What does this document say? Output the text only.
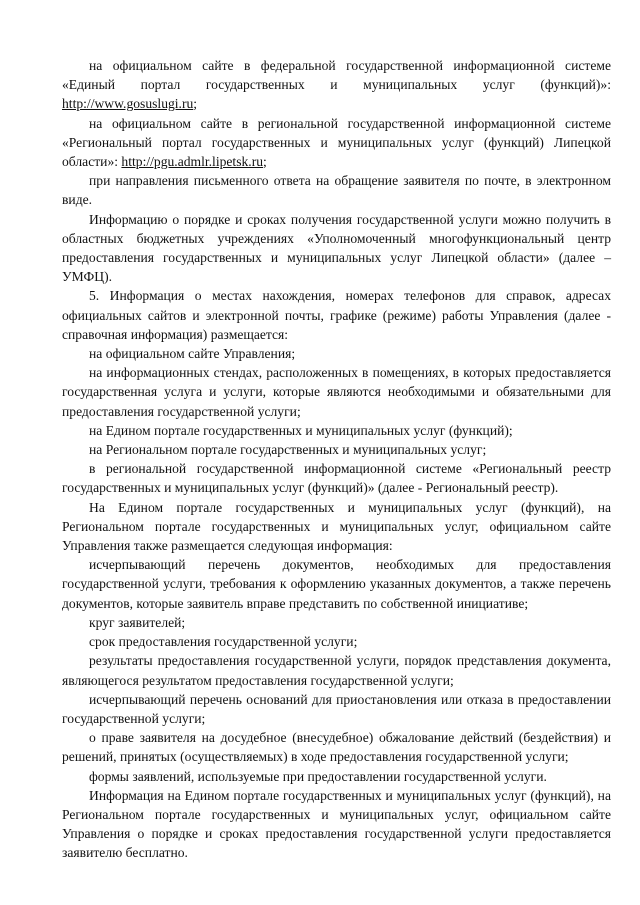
на официальном сайте в федеральной государственной информационной системе «Единый портал государственных и муниципальных услуг (функций)»: http://www.gosuslugi.ru;

на официальном сайте в региональной государственной информационной системе «Региональный портал государственных и муниципальных услуг (функций) Липецкой области»: http://pgu.admlr.lipetsk.ru;

при направления письменного ответа на обращение заявителя по почте, в электронном виде.

Информацию о порядке и сроках получения государственной услуги можно получить в областных бюджетных учреждениях «Уполномоченный многофункциональный центр предоставления государственных и муниципальных услуг Липецкой области» (далее – УМФЦ).

5. Информация о местах нахождения, номерах телефонов для справок, адресах официальных сайтов и электронной почты, графике (режиме) работы Управления (далее - справочная информация) размещается:

на официальном сайте Управления;

на информационных стендах, расположенных в помещениях, в которых предоставляется государственная услуга и услуги, которые являются необходимыми и обязательными для предоставления государственной услуги;

на Едином портале государственных и муниципальных услуг (функций);

на Региональном портале государственных и муниципальных услуг;

в региональной государственной информационной системе «Региональный реестр государственных и муниципальных услуг (функций)» (далее - Региональный реестр).

На Едином портале государственных и муниципальных услуг (функций), на Региональном портале государственных и муниципальных услуг, официальном сайте Управления также размещается следующая информация:

исчерпывающий перечень документов, необходимых для предоставления государственной услуги, требования к оформлению указанных документов, а также перечень документов, которые заявитель вправе представить по собственной инициативе;

круг заявителей;

срок предоставления государственной услуги;

результаты предоставления государственной услуги, порядок представления документа, являющегося результатом предоставления государственной услуги;

исчерпывающий перечень оснований для приостановления или отказа в предоставлении государственной услуги;

о праве заявителя на досудебное (внесудебное) обжалование действий (бездействия) и решений, принятых (осуществляемых) в ходе предоставления государственной услуги;

формы заявлений, используемые при предоставлении государственной услуги.

Информация на Едином портале государственных и муниципальных услуг (функций), на Региональном портале государственных и муниципальных услуг, официальном сайте Управления о порядке и сроках предоставления государственной услуги предоставляется заявителю бесплатно.
